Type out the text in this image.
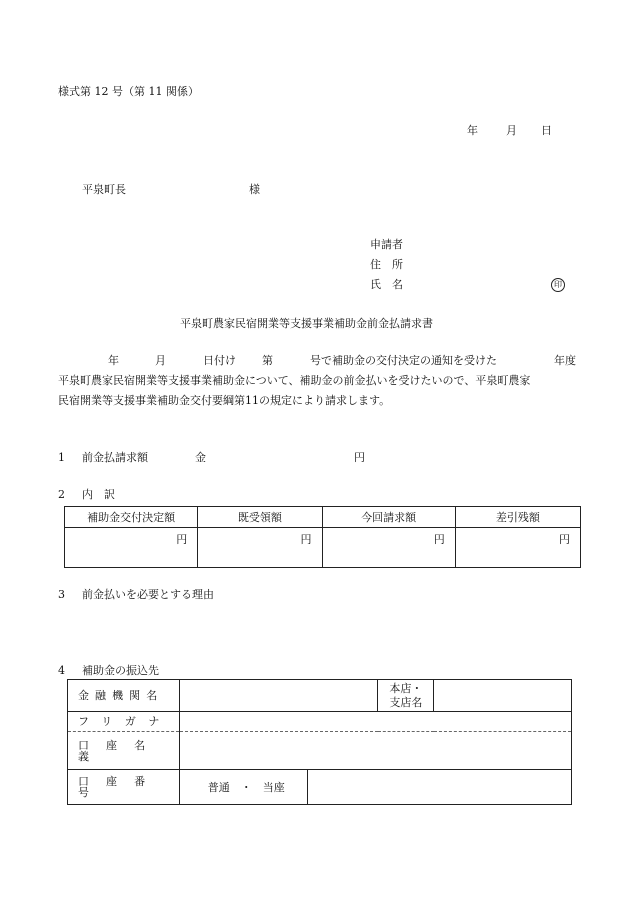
様式第 12 号（第 11 関係）
年	月 日
平泉町長	様
申請者
住　所
氏　名	印
平泉町農家民宿開業等支援事業補助金前金払請求書
年	月	日付け 第	号で補助金の交付決定の通知を受けた	年度
平泉町農家民宿開業等支援事業補助金について、補助金の前金払いを受けたいので、平泉町農家
民宿開業等支援事業補助金交付要綱第11の規定により請求します。
1 前金払請求額	金	円
2 内　訳
補助金交付決定額	既受領額	今回請求額	差引残額
円	円	円	円
3 前金払いを必要とする理由
4 補助金の振込先
金融機関名		本店・
支店名	

フリガナ			
口座名義			
口座番号	普通　・　当座		
